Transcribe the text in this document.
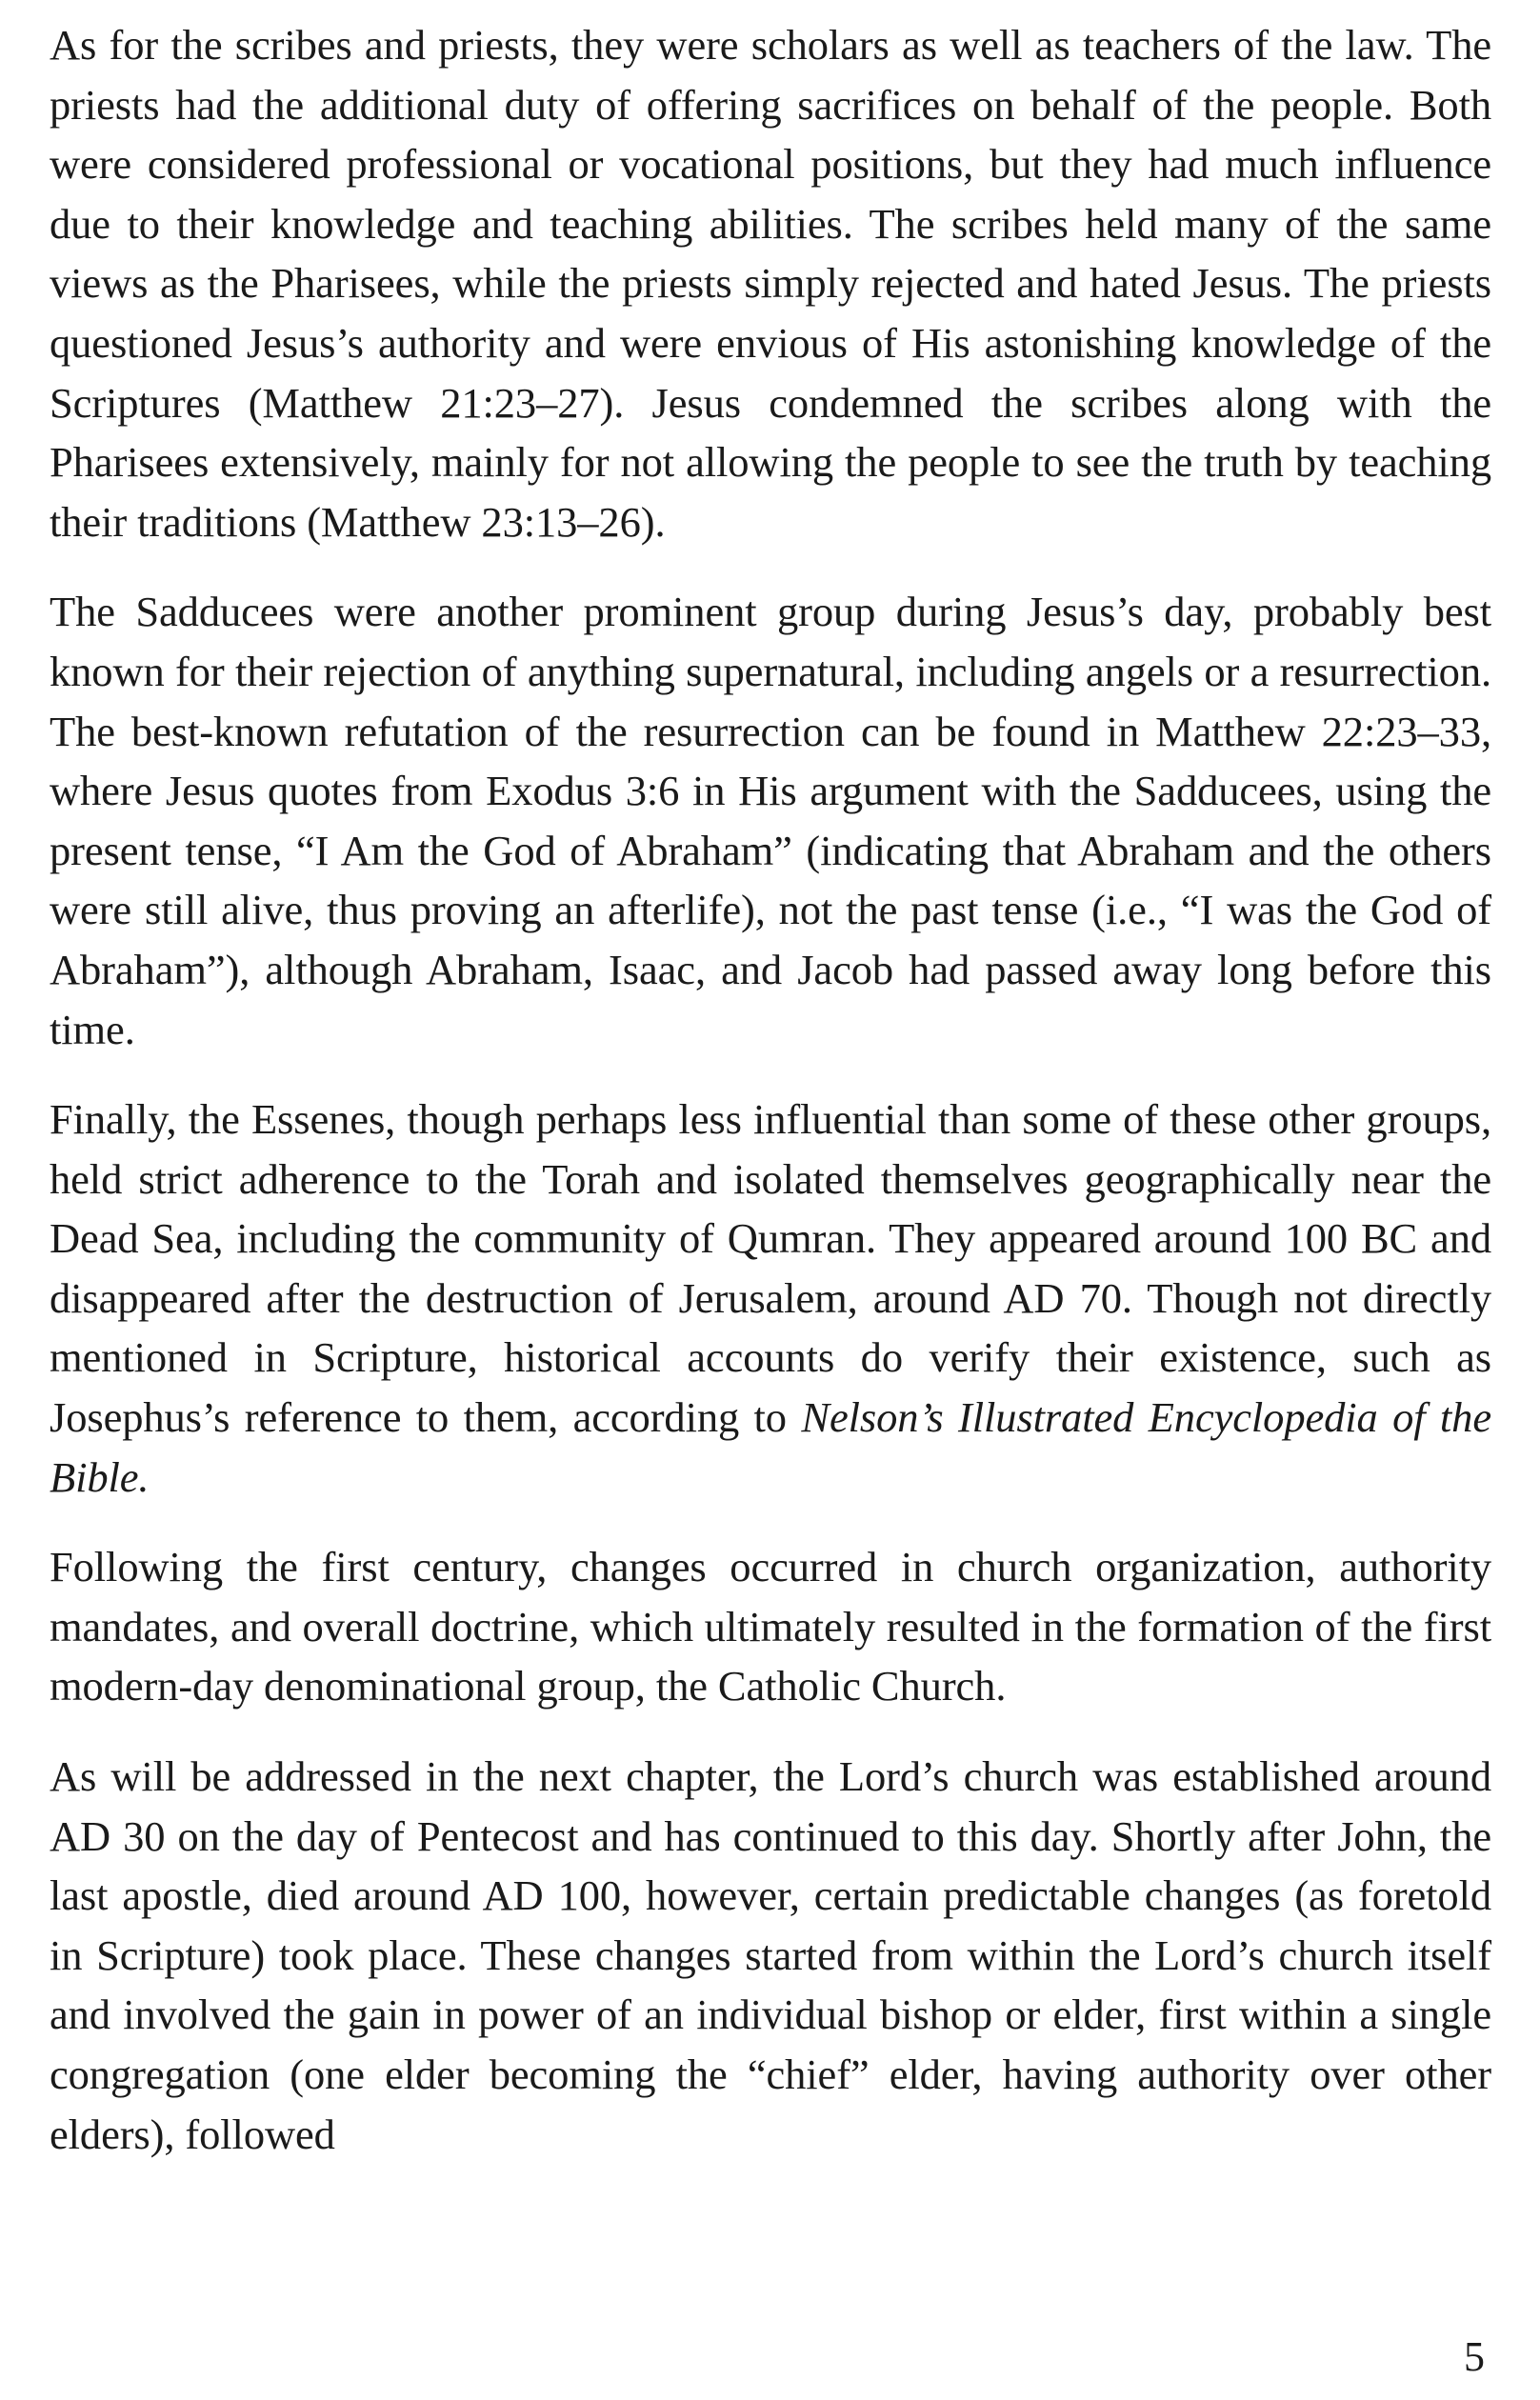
As for the scribes and priests, they were scholars as well as teachers of the law. The priests had the additional duty of offering sacrifices on behalf of the people. Both were considered professional or vocational positions, but they had much influence due to their knowledge and teaching abilities. The scribes held many of the same views as the Pharisees, while the priests simply rejected and hated Jesus. The priests questioned Jesus’s authority and were envious of His astonishing knowledge of the Scriptures (Matthew 21:23–27). Jesus condemned the scribes along with the Pharisees extensively, mainly for not allowing the people to see the truth by teaching their traditions (Matthew 23:13–26).

The Sadducees were another prominent group during Jesus’s day, probably best known for their rejection of anything supernatural, including angels or a resurrection. The best-known refutation of the resurrection can be found in Matthew 22:23–33, where Jesus quotes from Exodus 3:6 in His argument with the Sadducees, using the present tense, “I Am the God of Abraham” (indicating that Abraham and the others were still alive, thus proving an afterlife), not the past tense (i.e., “I was the God of Abraham”), although Abraham, Isaac, and Jacob had passed away long before this time.

Finally, the Essenes, though perhaps less influential than some of these other groups, held strict adherence to the Torah and isolated themselves geographically near the Dead Sea, including the community of Qumran. They appeared around 100 BC and disappeared after the destruction of Jerusalem, around AD 70. Though not directly mentioned in Scripture, historical accounts do verify their existence, such as Josephus’s reference to them, according to Nelson’s Illustrated Encyclopedia of the Bible.

Following the first century, changes occurred in church organization, authority mandates, and overall doctrine, which ultimately resulted in the formation of the first modern-day denominational group, the Catholic Church.

As will be addressed in the next chapter, the Lord’s church was established around AD 30 on the day of Pentecost and has continued to this day. Shortly after John, the last apostle, died around AD 100, however, certain predictable changes (as foretold in Scripture) took place. These changes started from within the Lord’s church itself and involved the gain in power of an individual bishop or elder, first within a single congregation (one elder becoming the “chief” elder, having authority over other elders), followed

5
